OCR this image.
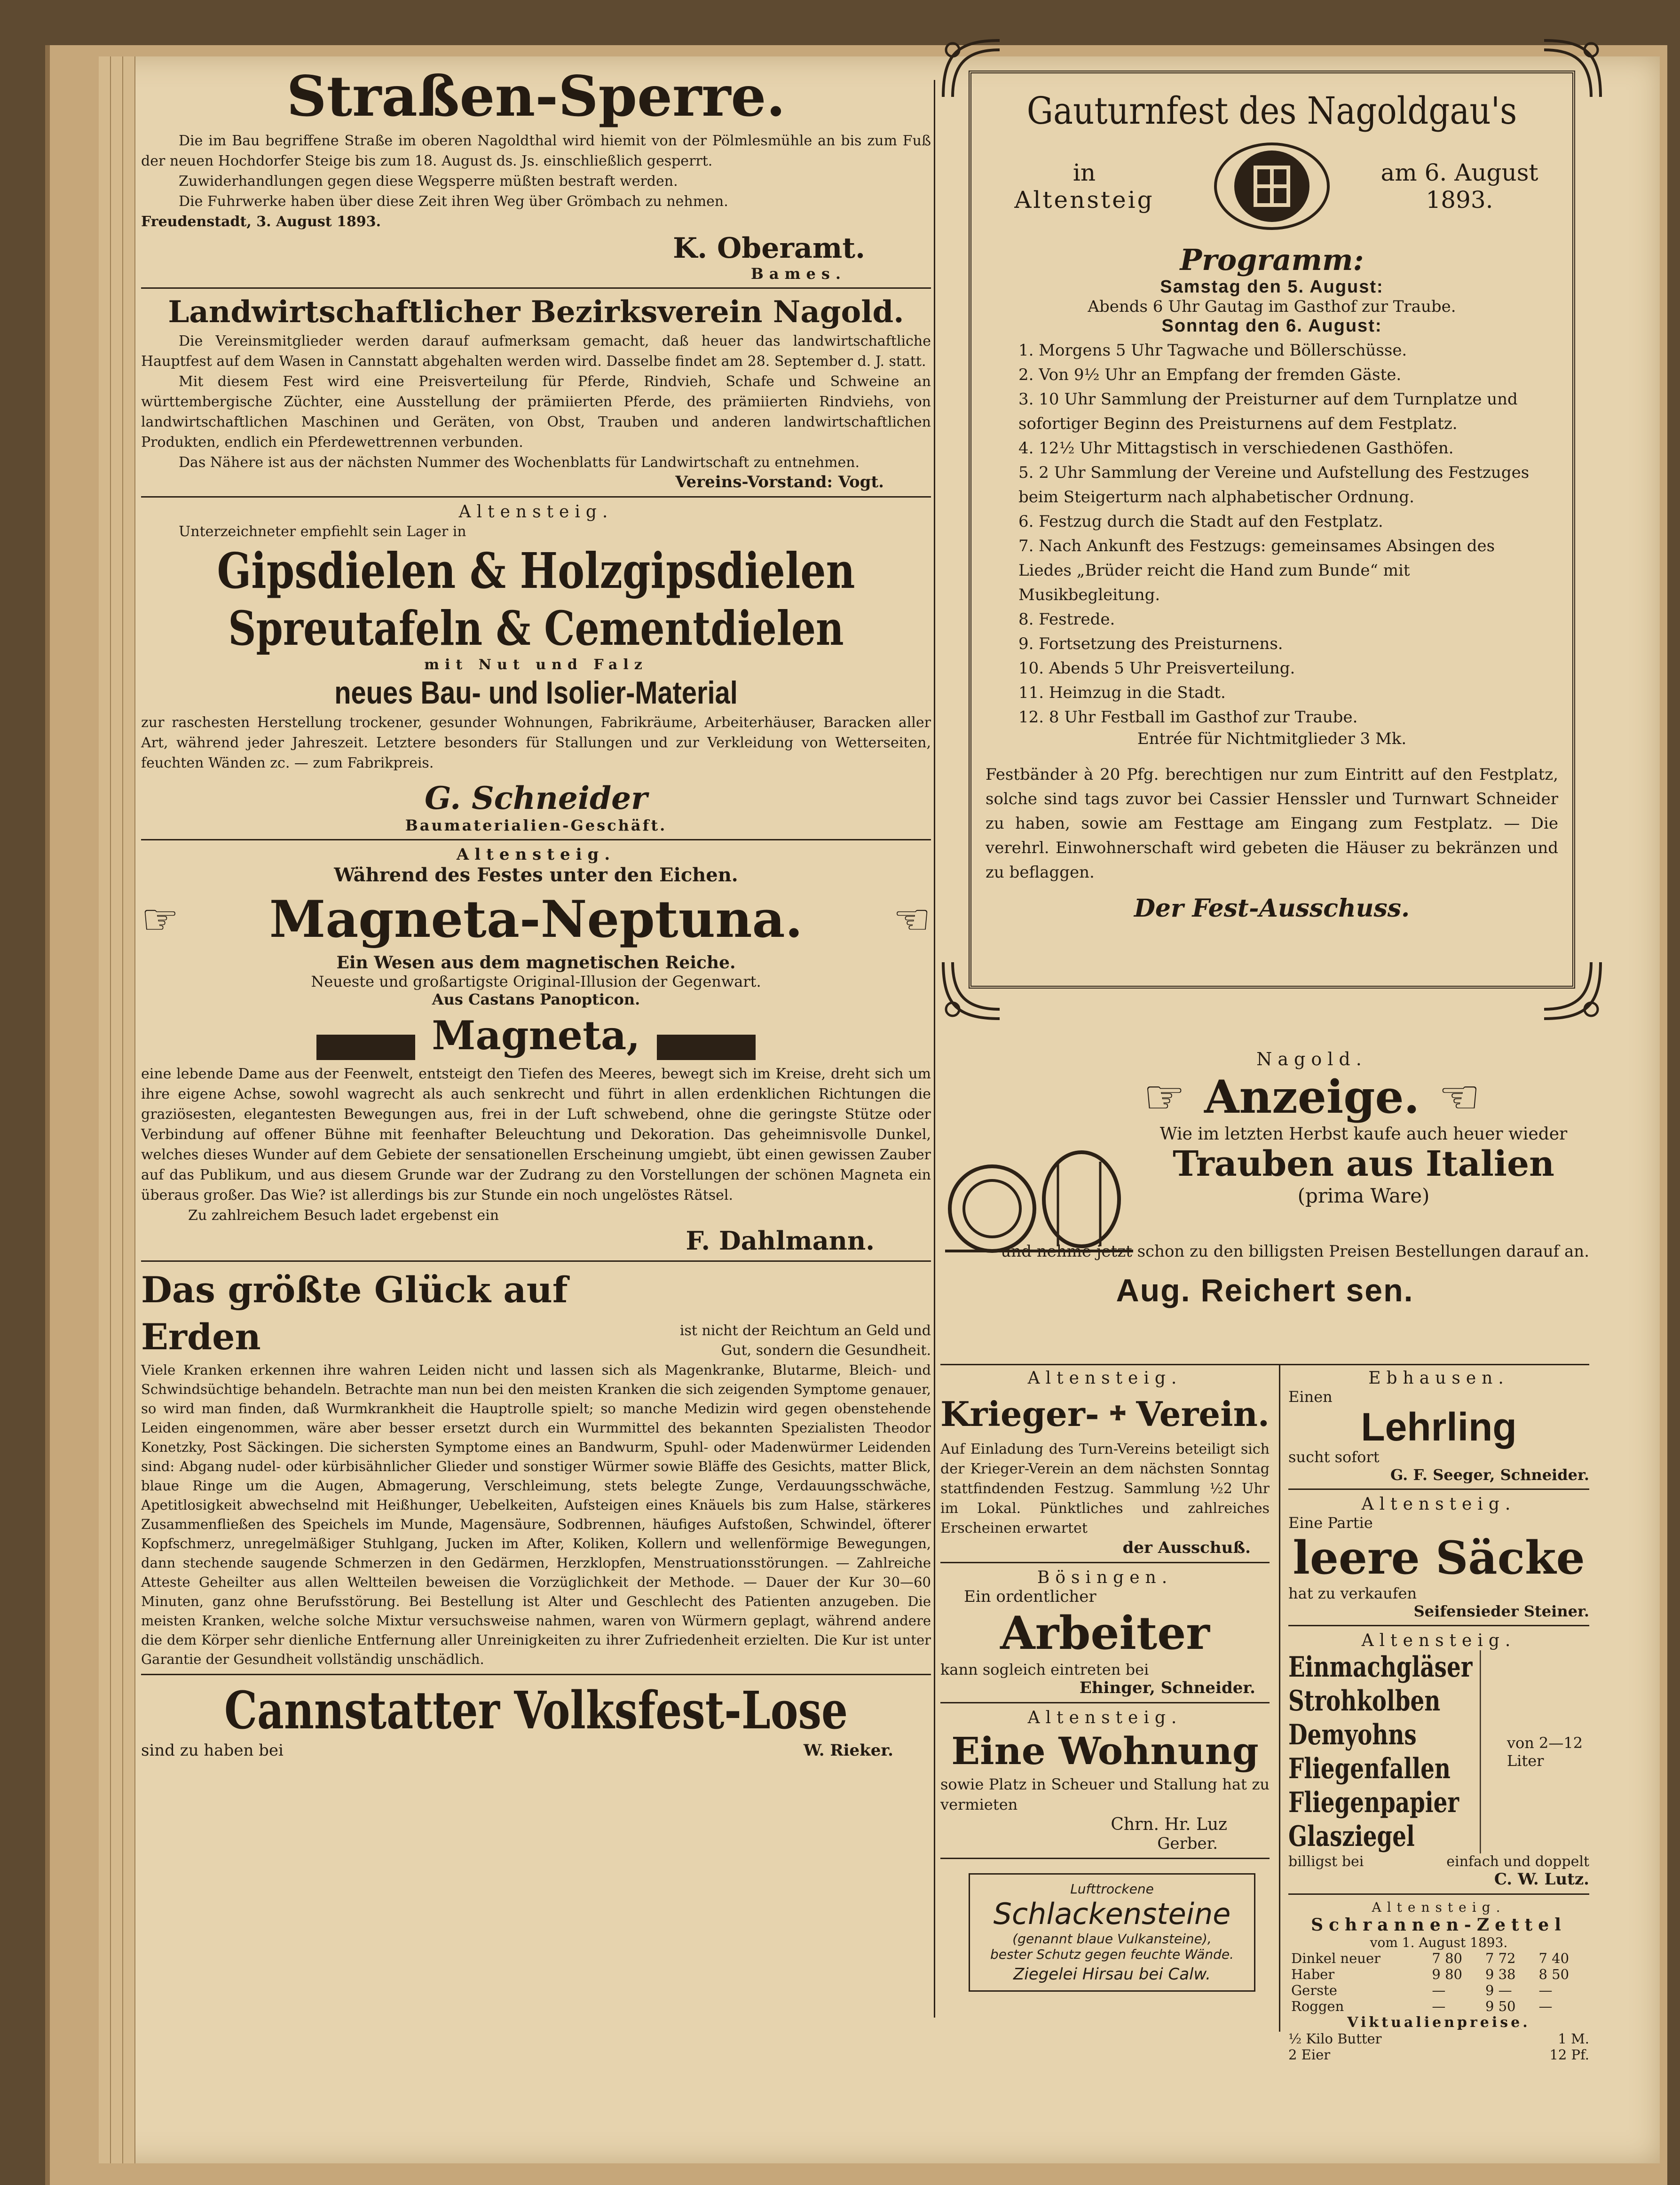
Straßen-Sperre.

Die im Bau begriffene Straße im oberen Nagoldthal wird hiemit von der Pölmlesmühle an bis zum Fuß der neuen Hochdorfer Steige bis zum 18. August ds. Js. einschließlich gesperrt.

Zuwiderhandlungen gegen diese Wegsperre müßten bestraft werden.

Die Fuhrwerke haben über diese Zeit ihren Weg über Grömbach zu nehmen.

Freudenstadt, 3. August 1893.

K. Oberamt.
Bames.
Landwirtschaftlicher Bezirksverein Nagold.

Die Vereinsmitglieder werden darauf aufmerksam gemacht, daß heuer das landwirtschaftliche Hauptfest auf dem Wasen in Cannstatt abgehalten werden wird. Dasselbe findet am 28. September d. J. statt.

Mit diesem Fest wird eine Preisverteilung für Pferde, Rindvieh, Schafe und Schweine an württembergische Züchter, eine Ausstellung der prämiierten Pferde, des prämiierten Rindviehs, von landwirtschaftlichen Maschinen und Geräten, von Obst, Trauben und anderen landwirtschaftlichen Produkten, endlich ein Pferdewettrennen verbunden.

Das Nähere ist aus der nächsten Nummer des Wochenblatts für Landwirtschaft zu entnehmen.

Vereins-Vorstand: Vogt.
Altensteig.
Unterzeichneter empfiehlt sein Lager in
Gipsdielen & Holzgipsdielen
Spreutafeln & Cementdielen
mit Nut und Falz
neues Bau- und Isolier-Material
zur raschesten Herstellung trockener, gesunder Wohnungen, Fabrikräume, Arbeiterhäuser, Baracken aller Art, während jeder Jahreszeit. Letztere besonders für Stallungen und zur Verkleidung von Wetterseiten, feuchten Wänden zc. — zum Fabrikpreis.
G. Schneider
Baumaterialien-Geschäft.
Altensteig.
Während des Festes unter den Eichen.
☞ Magneta-Neptuna. ☜
Ein Wesen aus dem magnetischen Reiche.
Neueste und großartigste Original-Illusion der Gegenwart.
Aus Castans Panopticon.
Magneta,
eine lebende Dame aus der Feenwelt, entsteigt den Tiefen des Meeres, bewegt sich im Kreise, dreht sich um ihre eigene Achse, sowohl wagrecht als auch senkrecht und führt in allen erdenklichen Richtungen die graziösesten, elegantesten Bewegungen aus, frei in der Luft schwebend, ohne die geringste Stütze oder Verbindung auf offener Bühne mit feenhafter Beleuchtung und Dekoration. Das geheimnisvolle Dunkel, welches dieses Wunder auf dem Gebiete der sensationellen Erscheinung umgiebt, übt einen gewissen Zauber auf das Publikum, und aus diesem Grunde war der Zudrang zu den Vorstellungen der schönen Magneta ein überaus großer. Das Wie? ist allerdings bis zur Stunde ein noch ungelöstes Rätsel.
Zu zahlreichem Besuch ladet ergebenst ein
F. Dahlmann.
Das größte Glück auf Erden	ist nicht der Reichtum an Geld und Gut, sondern die Gesundheit.
Viele Kranken erkennen ihre wahren Leiden nicht und lassen sich als Magenkranke, Blutarme, Bleich- und Schwindsüchtige behandeln. Betrachte man nun bei den meisten Kranken die sich zeigenden Symptome genauer, so wird man finden, daß Wurmkrankheit die Hauptrolle spielt; so manche Medizin wird gegen obenstehende Leiden eingenommen, wäre aber besser ersetzt durch ein Wurmmittel des bekannten Spezialisten Theodor Konetzky, Post Säckingen. Die sichersten Symptome eines an Bandwurm, Spuhl- oder Madenwürmer Leidenden sind: Abgang nudel- oder kürbisähnlicher Glieder und sonstiger Würmer sowie Bläffe des Gesichts, matter Blick, blaue Ringe um die Augen, Abmagerung, Verschleimung, stets belegte Zunge, Verdauungsschwäche, Apetitlosigkeit abwechselnd mit Heißhunger, Uebelkeiten, Aufsteigen eines Knäuels bis zum Halse, stärkeres Zusammenfließen des Speichels im Munde, Magensäure, Sodbrennen, häufiges Aufstoßen, Schwindel, öfterer Kopfschmerz, unregelmäßiger Stuhlgang, Jucken im After, Koliken, Kollern und wellenförmige Bewegungen, dann stechende saugende Schmerzen in den Gedärmen, Herzklopfen, Menstruationsstörungen. — Zahlreiche Atteste Geheilter aus allen Weltteilen beweisen die Vorzüglichkeit der Methode. — Dauer der Kur 30—60 Minuten, ganz ohne Berufsstörung. Bei Bestellung ist Alter und Geschlecht des Patienten anzugeben. Die meisten Kranken, welche solche Mixtur versuchsweise nahmen, waren von Würmern geplagt, während andere die dem Körper sehr dienliche Entfernung aller Unreinigkeiten zu ihrer Zufriedenheit erzielten. Die Kur ist unter Garantie der Gesundheit vollständig unschädlich.
Cannstatter Volksfest-Lose
sind zu haben bei	W. Rieker.
Gauturnfest des Nagoldgau's
in
Altensteig
am 6. August
1893.
Programm:
Samstag den 5. August:
Abends 6 Uhr Gautag im Gasthof zur Traube.
Sonntag den 6. August:
1. Morgens 5 Uhr Tagwache und Böllerschüsse.
2. Von 9½ Uhr an Empfang der fremden Gäste.
3. 10 Uhr Sammlung der Preisturner auf dem Turnplatze und sofortiger Beginn des Preisturnens auf dem Festplatz.
4. 12½ Uhr Mittagstisch in verschiedenen Gasthöfen.
5. 2 Uhr Sammlung der Vereine und Aufstellung des Festzuges beim Steigerturm nach alphabetischer Ordnung.
6. Festzug durch die Stadt auf den Festplatz.
7. Nach Ankunft des Festzugs: gemeinsames Absingen des Liedes „Brüder reicht die Hand zum Bunde“ mit Musikbegleitung.
8. Festrede.
9. Fortsetzung des Preisturnens.
10. Abends 5 Uhr Preisverteilung.
11. Heimzug in die Stadt.
12. 8 Uhr Festball im Gasthof zur Traube.
Entrée für Nichtmitglieder 3 Mk.
Festbänder à 20 Pfg. berechtigen nur zum Eintritt auf den Festplatz, solche sind tags zuvor bei Cassier Henssler und Turnwart Schneider zu haben, sowie am Festtage am Eingang zum Festplatz. — Die verehrl. Einwohnerschaft wird gebeten die Häuser zu bekränzen und zu beflaggen.
Der Fest-Ausschuss.
Nagold.
☞ Anzeige. ☜
Wie im letzten Herbst kaufe auch heuer wieder
Trauben aus Italien
(prima Ware)
und nehme jetzt schon zu den billigsten Preisen Bestellungen darauf an.
Aug. Reichert sen.
Altensteig.
Krieger- Verein.
Auf Einladung des Turn-Vereins beteiligt sich der Krieger-Verein an dem nächsten Sonntag stattfindenden Festzug. Sammlung ½2 Uhr im Lokal. Pünktliches und zahlreiches Erscheinen erwartet
der Ausschuß.
Bösingen.
Ein ordentlicher
Arbeiter
kann sogleich eintreten bei
Ehinger, Schneider.
Altensteig.
Eine Wohnung
sowie Platz in Scheuer und Stallung hat zu vermieten
Chrn. Hr. Luz
Gerber.
Lufttrockene
Schlackensteine
(genannt blaue Vulkansteine),
bester Schutz gegen feuchte Wände.
Ziegelei Hirsau bei Calw.
Ebhausen.
Einen
Lehrling
sucht sofort
G. F. Seeger, Schneider.
Altensteig.
Eine Partie
leere Säcke
hat zu verkaufen
Seifensieder Steiner.
Altensteig.
Einmachgläser
Strohkolben
Demyohns
Fliegenfallen
Fliegenpapier
Glasziegel
von 2—12 Liter
billigst bei	einfach und doppelt
C. W. Lutz.
Altensteig.
Schrannen-Zettel
vom 1. August 1893.
Dinkel neuer	7 80	7 72	7 40
Haber	9 80	9 38	8 50
Gerste	—	9 —	—
Roggen	—	9 50	—
Viktualienpreise.
½ Kilo Butter	1 M.
2 Eier	12 Pf.
